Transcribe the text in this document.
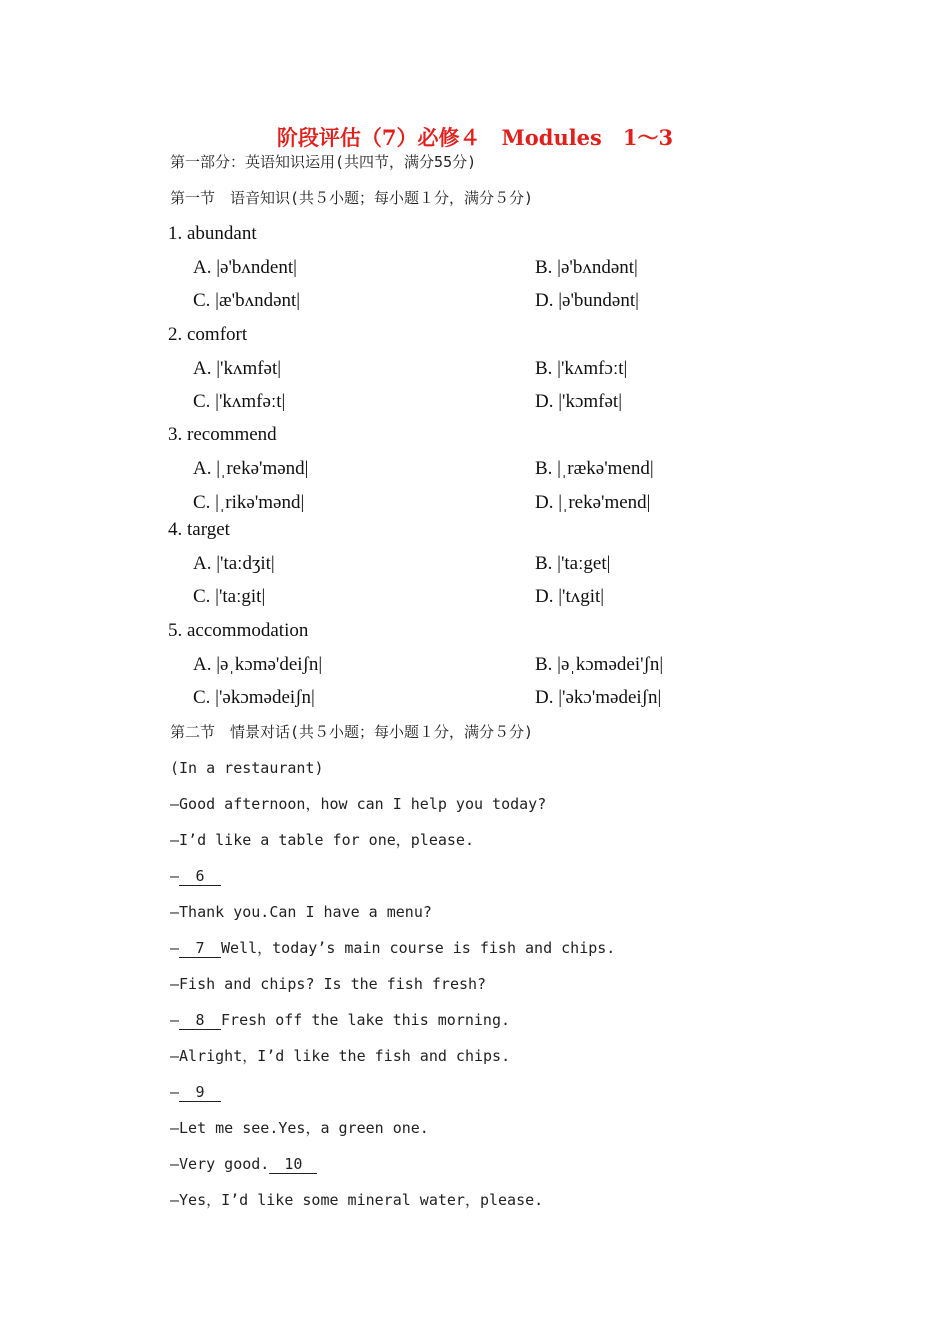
阶段评估（7）必修４　Modules　1～3
第一部分：英语知识运用(共四节，满分55分)
第一节　语音知识(共５小题；每小题１分，满分５分)
1. abundant
A. |ə'bʌndent|	B. |ə'bʌndənt|
C. |æ'bʌndənt|	D. |ə'bundənt|
2. comfort
A. |'kʌmfət|	B. |'kʌmfɔːt|
C. |'kʌmfəːt|	D. |'kɔmfət|
3. recommend
A. |ˌrekə'mənd|	B. |ˌrækə'mend|
C. |ˌrikə'mənd|	D. |ˌrekə'mend|
4. target
A. |'taːdʒit|	B. |'taːget|
C. |'taːgit|	D. |'tʌgit|
5. accommodation
A. |əˌkɔmə'deiʃn|	B. |əˌkɔmədei'ʃn|
C. |'əkɔmədeiʃn|	D. |'əkɔ'mədeiʃn|
第二节　情景对话(共５小题；每小题１分，满分５分)
(In a restaurant)
—Good afternoon，how can I help you today?
—I’d like a table for one，please.
— 6
—Thank you.Can I have a menu?
— 7 Well，today’s main course is fish and chips.
—Fish and chips? Is the fish fresh?
— 8 Fresh off the lake this morning.
—Alright，I’d like the fish and chips.
— 9
—Let me see.Yes，a green one.
—Very good. 10
—Yes，I’d like some mineral water，please.
